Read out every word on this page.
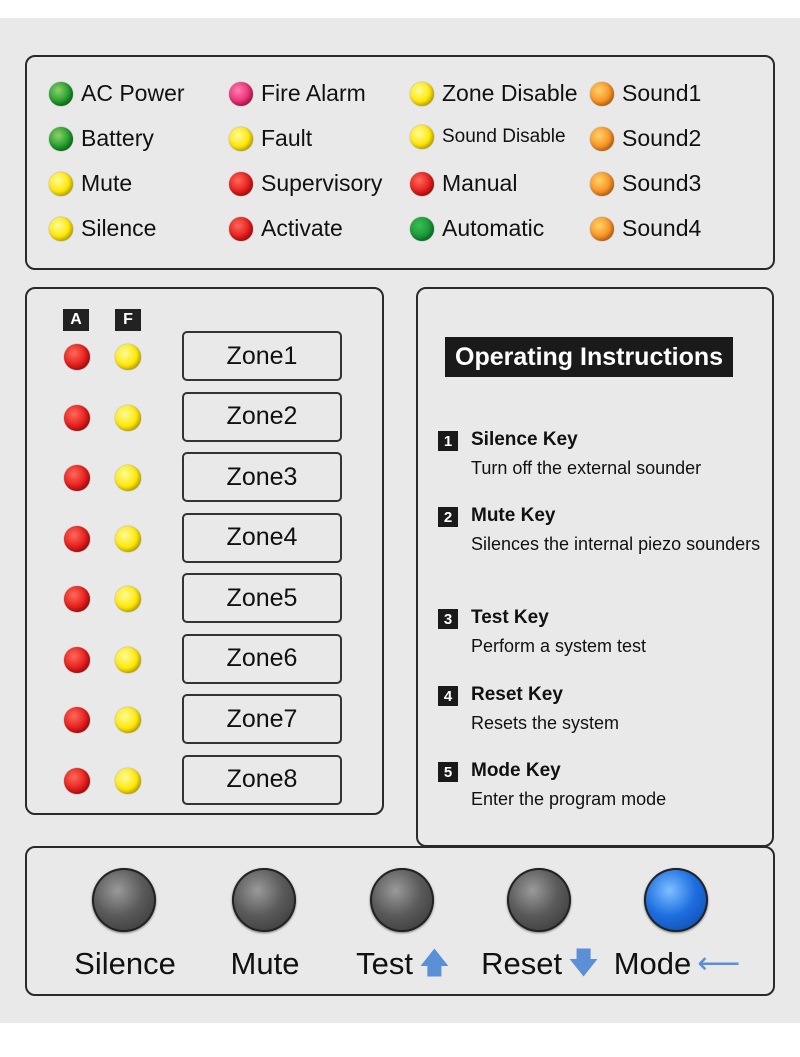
AC Power
Battery
Mute
Silence
Fire Alarm
Fault
Supervisory
Activate
Zone Disable
Sound Disable
Manual
Automatic
Sound1
Sound2
Sound3
Sound4
A	F
Zone1
Zone2
Zone3
Zone4
Zone5
Zone6
Zone7
Zone8
Operating Instructions
1 Silence Key
Turn off the external sounder
2 Mute Key
Silences the internal piezo sounders
3 Test Key
Perform a system test
4 Reset Key
Resets the system
5 Mode Key
Enter the program mode
Silence Mute Test 🡅 Reset 🡇 Mode ⟵
